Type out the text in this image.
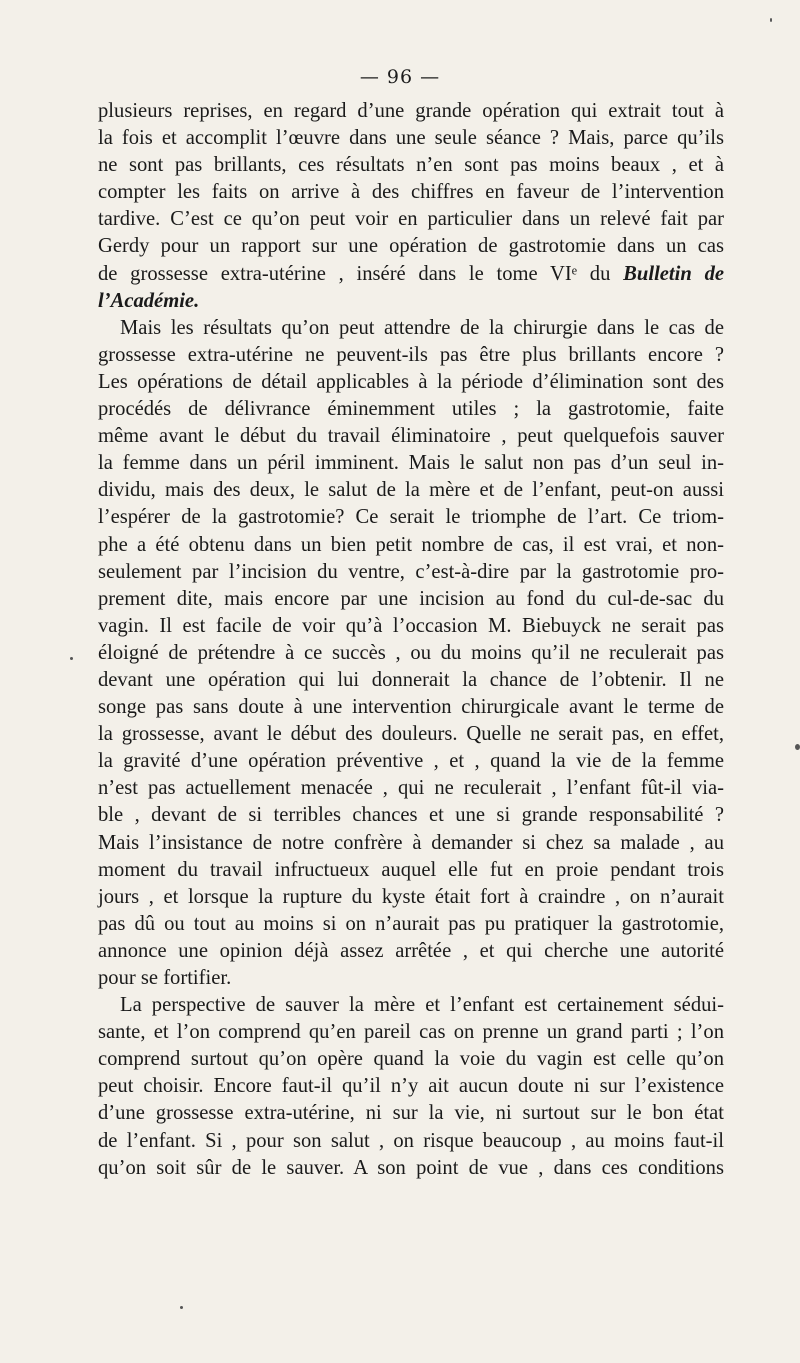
— 96 —
plusieurs reprises, en regard d’une grande opération qui extrait tout à
la fois et accomplit l’œuvre dans une seule séance ? Mais, parce qu’ils
ne sont pas brillants, ces résultats n’en sont pas moins beaux , et à
compter les faits on arrive à des chiffres en faveur de l’intervention
tardive. C’est ce qu’on peut voir en particulier dans un relevé fait par
Gerdy pour un rapport sur une opération de gastrotomie dans un cas
de grossesse extra-utérine , inséré dans le tome VIᵉ du Bulletin de
l’Académie.
Mais les résultats qu’on peut attendre de la chirurgie dans le cas de
grossesse extra-utérine ne peuvent-ils pas être plus brillants encore ?
Les opérations de détail applicables à la période d’élimination sont des
procédés de délivrance éminemment utiles ; la gastrotomie, faite
même avant le début du travail éliminatoire , peut quelquefois sauver
la femme dans un péril imminent. Mais le salut non pas d’un seul in-
dividu, mais des deux, le salut de la mère et de l’enfant, peut-on aussi
l’espérer de la gastrotomie? Ce serait le triomphe de l’art. Ce triom-
phe a été obtenu dans un bien petit nombre de cas, il est vrai, et non-
seulement par l’incision du ventre, c’est-à-dire par la gastrotomie pro-
prement dite, mais encore par une incision au fond du cul-de-sac du
vagin. Il est facile de voir qu’à l’occasion M. Biebuyck ne serait pas
éloigné de prétendre à ce succès , ou du moins qu’il ne reculerait pas
devant une opération qui lui donnerait la chance de l’obtenir. Il ne
songe pas sans doute à une intervention chirurgicale avant le terme de
la grossesse, avant le début des douleurs. Quelle ne serait pas, en effet,
la gravité d’une opération préventive , et , quand la vie de la femme
n’est pas actuellement menacée , qui ne reculerait , l’enfant fût-il via-
ble , devant de si terribles chances et une si grande responsabilité ?
Mais l’insistance de notre confrère à demander si chez sa malade , au
moment du travail infructueux auquel elle fut en proie pendant trois
jours , et lorsque la rupture du kyste était fort à craindre , on n’aurait
pas dû ou tout au moins si on n’aurait pas pu pratiquer la gastrotomie,
annonce une opinion déjà assez arrêtée , et qui cherche une autorité
pour se fortifier.
La perspective de sauver la mère et l’enfant est certainement sédui-
sante, et l’on comprend qu’en pareil cas on prenne un grand parti ; l’on
comprend surtout qu’on opère quand la voie du vagin est celle qu’on
peut choisir. Encore faut-il qu’il n’y ait aucun doute ni sur l’existence
d’une grossesse extra-utérine, ni sur la vie, ni surtout sur le bon état
de l’enfant. Si , pour son salut , on risque beaucoup , au moins faut-il
qu’on soit sûr de le sauver. A son point de vue , dans ces conditions
